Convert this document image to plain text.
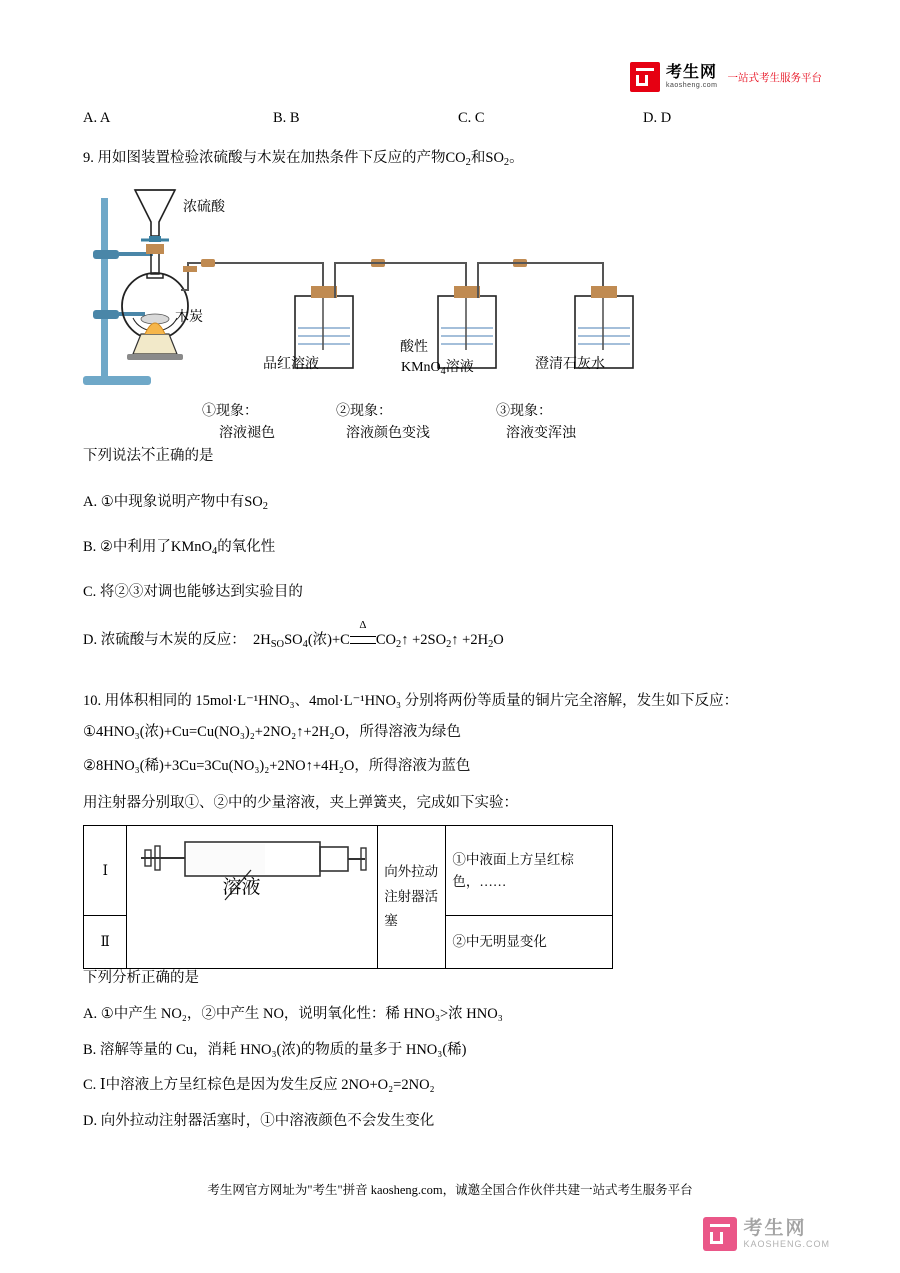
考生网
kaosheng.com
一站式考生服务平台
A. A	B. B	C. C	D. D
9. 用如图装置检验浓硫酸与木炭在加热条件下反应的产物$CO_2$和$SO_2$。
浓硫酸
木炭
品红溶液
酸性
KMnO$_4$溶液	澄清石灰水
①现象：
溶液褪色
②现象：
溶液颜色变浅
③现象：
溶液变浑浊
下列说法不正确 · · ·的是
A. ①中现象说明产物中有$SO_2$
B. ②中利用了KMnO$_4$的氧化性
C. 将②③对调也能够达到实验目的
D. 浓硫酸与木炭的反应： $2H_{SO}SO_4$(浓)+C
Δ
$CO_2↑$ $+2SO_2↑ +2H_2O$
10. 用体积相同的 15mol·L⁻¹HNO₃、4mol·L⁻¹HNO₃ 分别将两份等质量的铜片完全溶解，发生如下反应：
①4HNO₃(浓)+Cu=Cu(NO₃)₂+2NO₂↑+2H₂O，所得溶液为绿色
②8HNO₃(稀)+3Cu=3Cu(NO₃)₂+2NO↑+4H₂O，所得溶液为蓝色
用注射器分别取①、②中的少量溶液，夹上弹簧夹，完成如下实验：
Ⅰ	溶液	向外拉动注射器活塞	①中液面上方呈红棕色，……
Ⅱ			②中无明显变化
下列分析正确的是
A. ①中产生 NO₂，②中产生 NO，说明氧化性：稀 HNO₃>浓 HNO₃
B. 溶解等量的 Cu，消耗 HNO₃(浓)的物质的量多于 HNO₃(稀)
C. Ⅰ中溶液上方呈红棕色是因为发生反应 2NO+O₂=2NO₂
D. 向外拉动注射器活塞时，①中溶液颜色不会发生变化
考生网官方网址为"考生"拼音 kaosheng.com，诚邀全国合作伙伴共建一站式考生服务平台
考生网
KAOSHENG.COM
